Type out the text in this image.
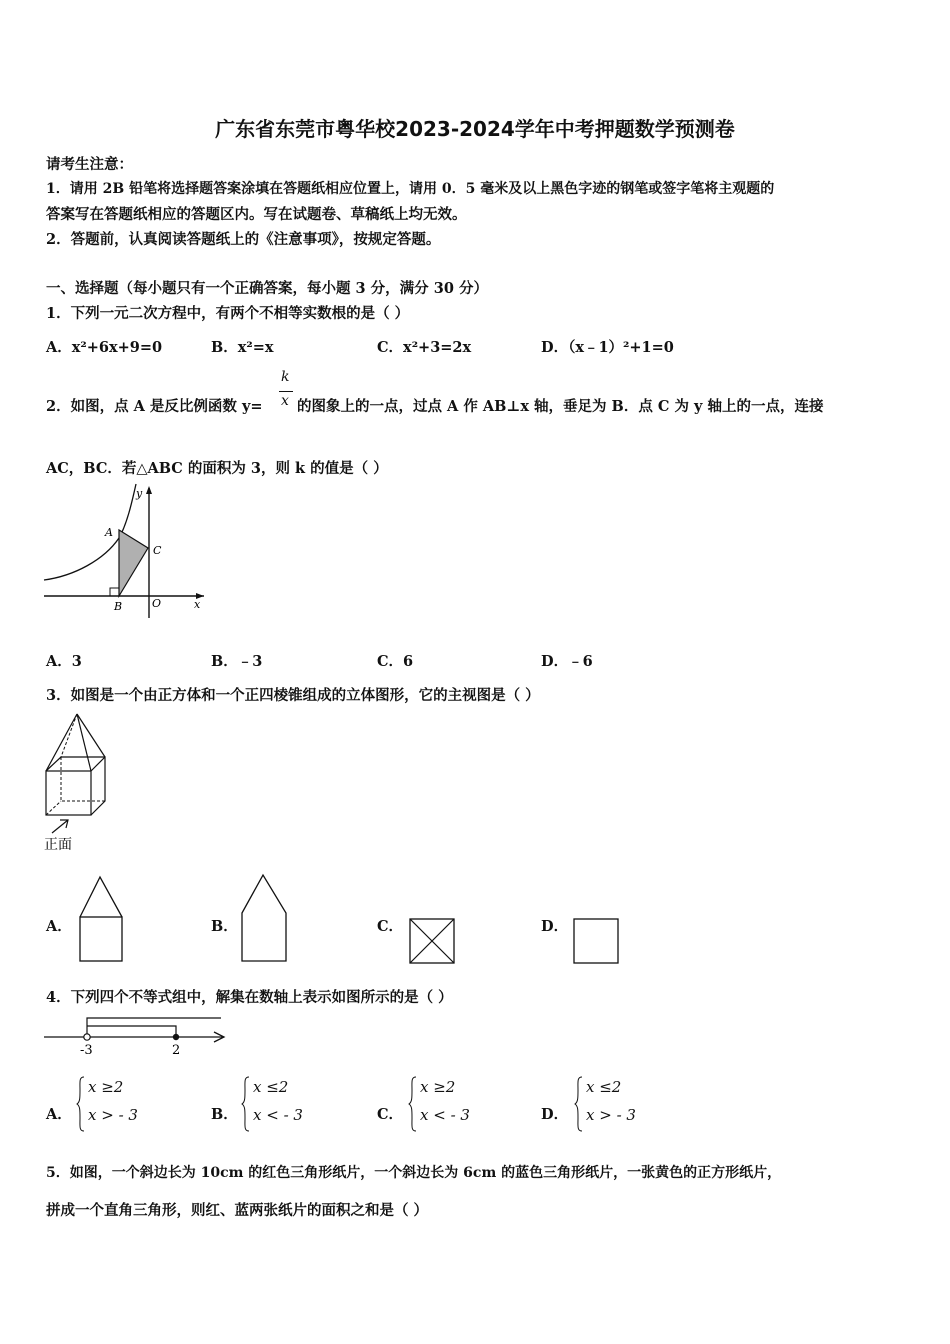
广东省东莞市粤华校2023-2024学年中考押题数学预测卷
请考生注意：
1．请用 2B 铅笔将选择题答案涂填在答题纸相应位置上，请用 0．5 毫米及以上黑色字迹的钢笔或签字笔将主观题的
答案写在答题纸相应的答题区内。写在试题卷、草稿纸上均无效。
2．答题前，认真阅读答题纸上的《注意事项》，按规定答题。
一、选择题（每小题只有一个正确答案，每小题 3 分，满分 30 分）
1．下列一元二次方程中，有两个不相等实数根的是（ ）
A．x²+6x+9=0	B．x²=x	C．x²+3=2x	D．（x﹣1）²+1=0
2．如图，点 A 是反比例函数 y=
k
x 的图象上的一点，过点 A 作 AB⊥x 轴，垂足为 B．点 C 为 y 轴上的一点，连接
AC，BC．若△ABC 的面积为 3，则 k 的值是（ ）
y
x
A
B
C
O
A．3	B．﹣3	C．6	D．﹣6
3．如图是一个由正方体和一个正四棱锥组成的立体图形，它的主视图是（ ）
正面
A．	B．	C．	D．
4．下列四个不等式组中，解集在数轴上表示如图所示的是（ ）
-3	2
A．
x ≥2
x > - 3	B．
x ≤2
x < - 3	C．
x ≥2
x < - 3	D．
x ≤2
x > - 3
5．如图，一个斜边长为 10cm 的红色三角形纸片，一个斜边长为 6cm 的蓝色三角形纸片，一张黄色的正方形纸片，
拼成一个直角三角形，则红、蓝两张纸片的面积之和是（ ）
